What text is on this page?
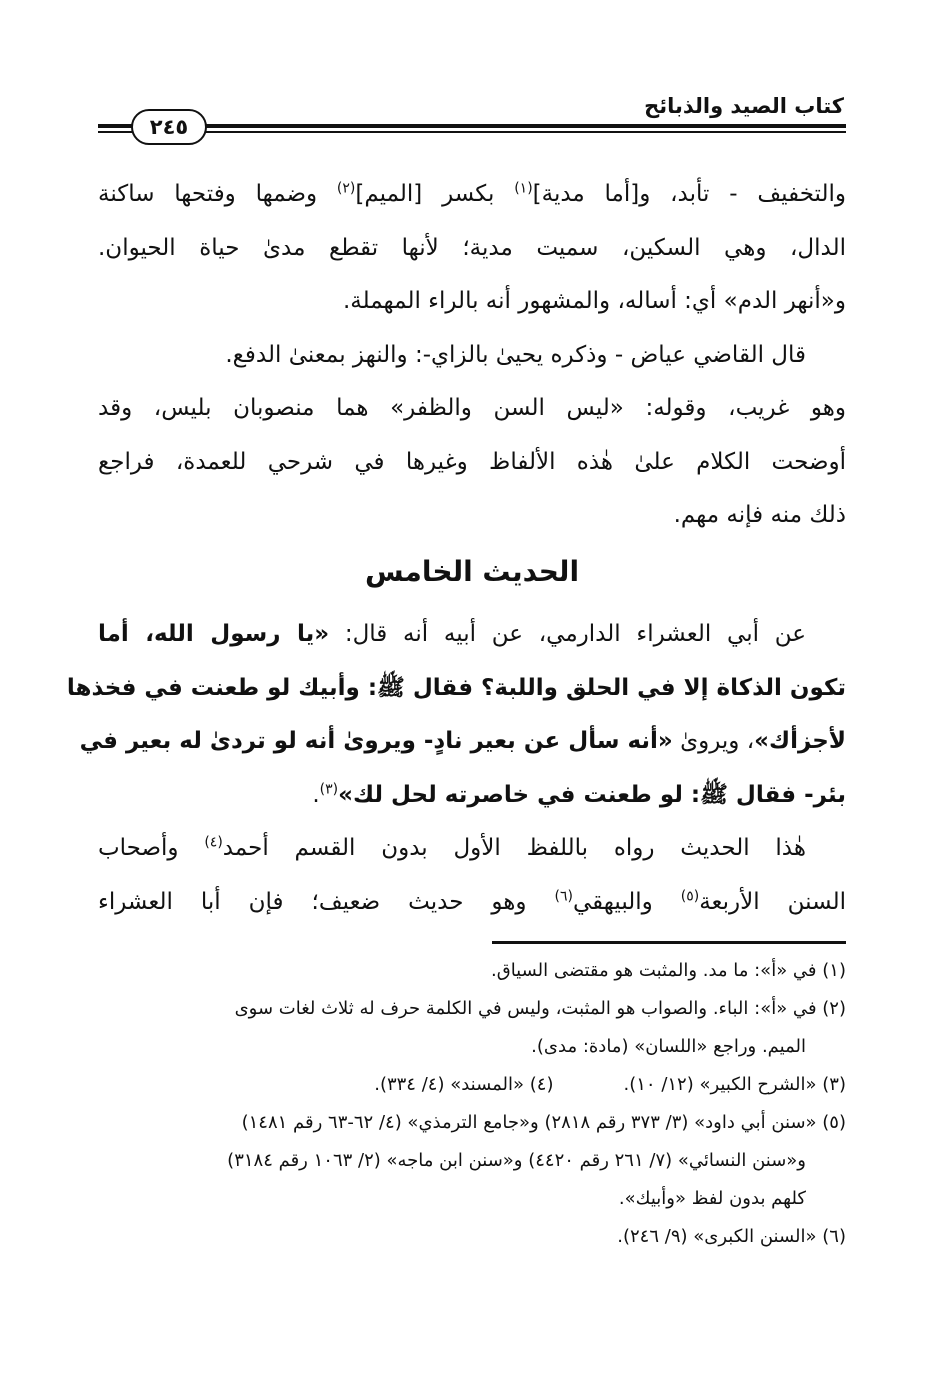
كتاب الصيد والذبائح
٢٤٥
والتخفيف - تأبد، و[أما مدية]$^{(١)}$ بكسر [الميم]$^{(٢)}$ وضمها وفتحها ساكنة
الدال، وهي السكين، سميت مدية؛ لأنها تقطع مدىٰ حياة الحيوان.
و«أنهر الدم» أي: أساله، والمشهور أنه بالراء المهملة.
قال القاضي عياض - وذكره يحيىٰ بالزاي-: والنهز بمعنىٰ الدفع.
وهو غريب، وقوله: «ليس السن والظفر» هما منصوبان بليس، وقد
أوضحت الكلام علىٰ هٰذه الألفاظ وغيرها في شرحي للعمدة، فراجع
ذلك منه فإنه مهم.
الحديث الخامس
عن أبي العشراء الدارمي، عن أبيه أنه قال: «يا رسول الله، أما
تكون الذكاة إلا في الحلق واللبة؟ فقال ﷺ: وأبيك لو طعنت في فخذها
لأجزأك»، ويروىٰ «أنه سأل عن بعير نادٍ- ويروىٰ أنه لو تردىٰ له بعير في
بئر- فقال ﷺ: لو طعنت في خاصرته لحل لك»$^{(٣)}$.
هٰذا الحديث رواه باللفظ الأول بدون القسم أحمد$^{(٤)}$ وأصحاب
السنن الأربعة$^{(٥)}$ والبيهقي$^{(٦)}$ وهو حديث ضعيف؛ فإن أبا العشراء
(١) في «أ»: ما مد. والمثبت هو مقتضى السياق.
(٢) في «أ»: الباء. والصواب هو المثبت، وليس في الكلمة حرف له ثلاث لغات سوى
الميم. وراجع «اللسان» (مادة: مدى).
(٣) «الشرح الكبير» (١٢/ ١٠).
(٤) «المسند» (٤/ ٣٣٤).
(٥) «سنن أبي داود» (٣/ ٣٧٣ رقم ٢٨١٨) و«جامع الترمذي» (٤/ ٦٢-٦٣ رقم ١٤٨١)
و«سنن النسائي» (٧/ ٢٦١ رقم ٤٤٢٠) و«سنن ابن ماجه» (٢/ ١٠٦٣ رقم ٣١٨٤)
كلهم بدون لفظ «وأبيك».
(٦) «السنن الكبرى» (٩/ ٢٤٦).
